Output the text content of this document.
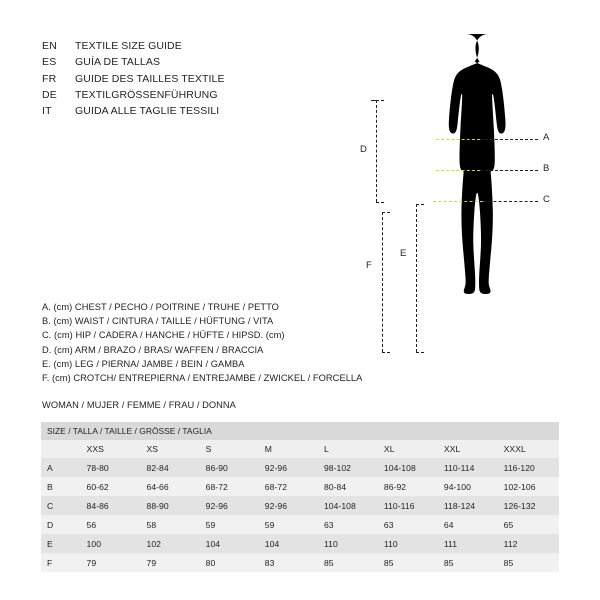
EN	TEXTILE SIZE GUIDE
ES	GUÍA DE TALLAS
FR	GUIDE DES TAILLES TEXTILE
DE	TEXTILGRÖSSENFÜHRUNG
IT	GUIDA ALLE TAGLIE TESSILI
A. (cm) CHEST / PECHO / POITRINE / TRUHE / PETTO
B. (cm) WAIST / CINTURA / TAILLE / HÜFTUNG / VITA
C. (cm) HIP / CADERA / HANCHE / HÜFTE / HIPSD. (cm)
D. (cm) ARM / BRAZO / BRAS/ WAFFEN / BRACCIA
E. (cm) LEG / PIERNA/ JAMBE / BEIN / GAMBA
F. (cm) CROTCH/ ENTREPIERNA / ENTREJAMBE / ZWICKEL / FORCELLA
WOMAN / MUJER / FEMME / FRAU / DONNA
A
B
C
D
E
F
SIZE / TALLA / TAILLE / GRÖSSE / TAGLIA								
	XXS	XS	S	M	L	XL	XXL	XXXL
A	78-80	82-84	86-90	92-96	98-102	104-108	110-114	116-120
B	60-62	64-66	68-72	68-72	80-84	86-92	94-100	102-106
C	84-86	88-90	92-96	92-96	104-108	110-116	118-124	126-132
D	56	58	59	59	63	63	64	65
E	100	102	104	104	110	110	111	112
F	79	79	80	83	85	85	85	85
